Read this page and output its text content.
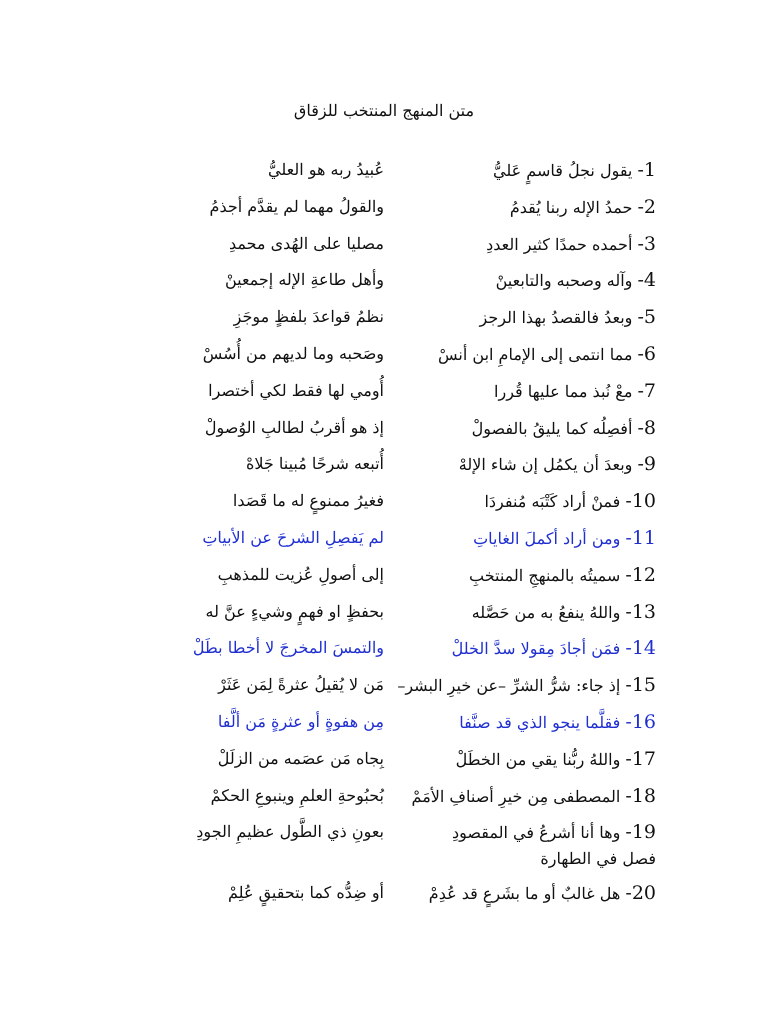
متن المنهج المنتخب للزقاق
1- يقول نجلُ قاسمٍ عَليُّ
عُبيدُ ربه هو العليُّ
2- حمدُ الإله ربنا يُقدمُ
والقولُ مهما لم يقدَّم أجذمُ
3- أحمده حمدًا كثير العددِ
مصليا على الهُدى محمدِ
4- وآله وصحبه والتابعينْ
وأهل طاعةِ الإله إجمعينْ
5- وبعدُ فالقصدُ بهذا الرجز
نظمُ قواعدَ بلفظٍ موجَزِ
6- مما انتمى إلى الإمامِ ابن أنسْ
وصَحبه وما لديهم من أُسُسْ
7- معْ نُبذ مما عليها قُررا
أُومي لها فقط لكي أختصرا
8- أفصِلُه كما يليقُ بالفصولْ
إذ هو أقربُ لطالبِ الوُصولْ
9- وبعدَ أن يكمُل إن شاء الإلهْ
أُتبعه شرحًا مُبينا جَلاهْ
10- فمنْ أراد كَتْبَه مُنفردَا
فغيرُ ممنوعٍ له ما قَصَدا
11- ومن أراد أكملَ الغاياتِ
لم يَفصِلِ الشرحَ عن الأبياتِ
12- سميتُه بالمنهجِ المنتخبِ
إلى أصولِ عُزيت للمذهبِ
13- واللهُ ينفعُ به من حَصَّله
بحفظٍ او فهمٍ وشيءٍ عنَّ له
14- فمَن أجادَ مِقولا سدَّ الخللْ
والتمسَ المخرجَ لا أخطا بطَلْ
15- إذ جاء: شرُّ الشرِّ –عن خيرِ البشر–
مَن لا يُقيلُ عثرةً لِمَن عَثَرْ
16- فقلَّما ينجو الذي قد صنَّفا
مِن هفوةٍ أو عثرةٍ مَن ألَّفا
17- واللهُ ربُّنا يقي من الخطَلْ
بِجاه مَن عصَمه من الزلَلْ
18- المصطفى مِن خيرِ أصنافِ الأمَمْ
بُحبُوحةِ العلمِ وينبوعِ الحكمْ
19- وها أنا أشرعُ في المقصودِ
بعونِ ذي الطَّول عظيمِ الجودِ
فصل في الطهارة
20- هل غالبٌ أو ما بشَرعٍ قد عُدِمْ
أو ضِدُّه كما بتحقيقٍ عُلِمْ
